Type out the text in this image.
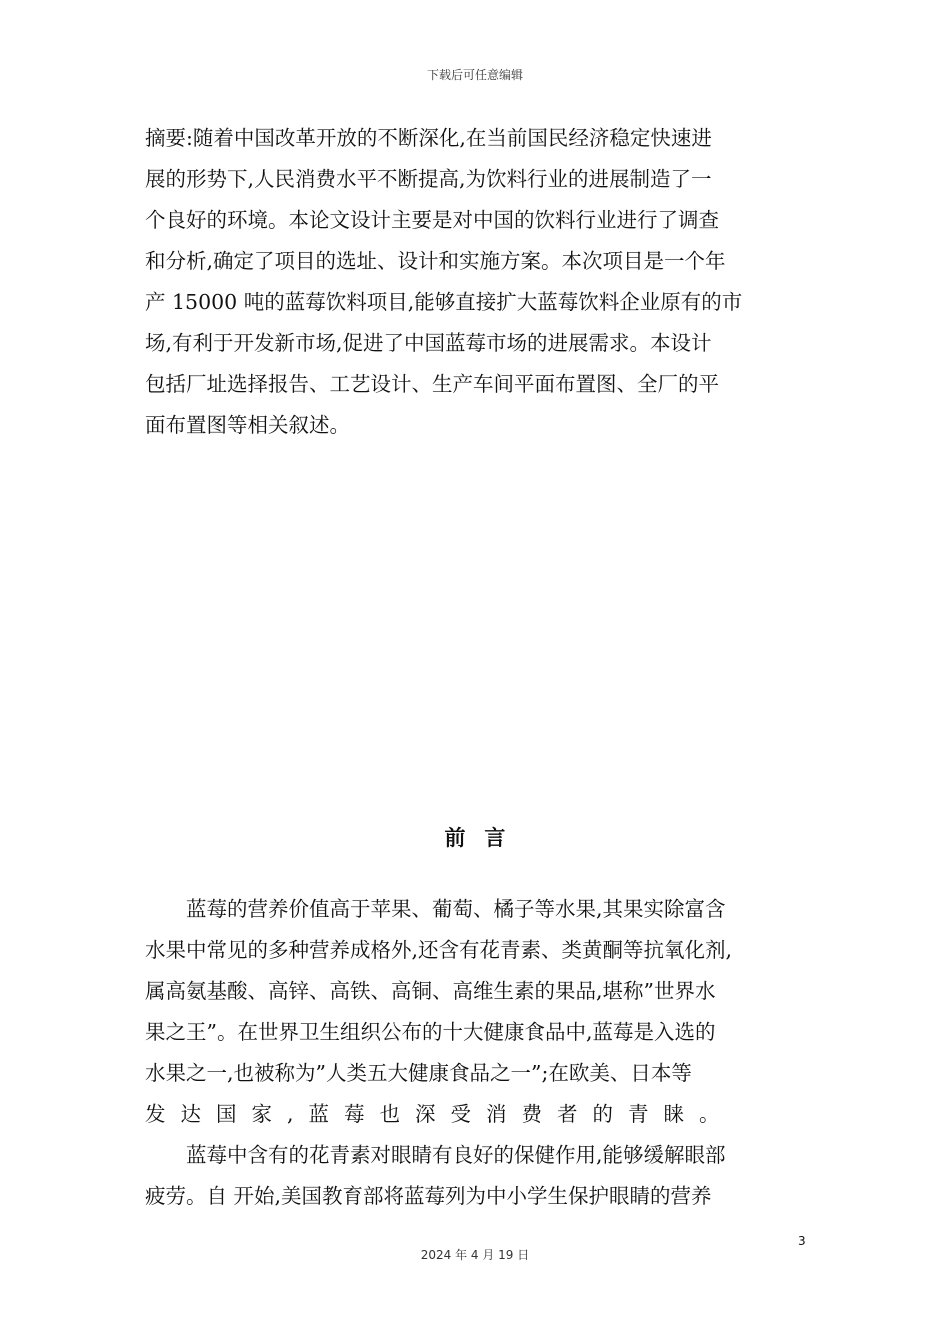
下载后可任意编辑
摘要:随着中国改革开放的不断深化,在当前国民经济稳定快速进
展的形势下,人民消费水平不断提高,为饮料行业的进展制造了一
个良好的环境。本论文设计主要是对中国的饮料行业进行了调查
和分析,确定了项目的选址、设计和实施方案。本次项目是一个年
产 15000 吨的蓝莓饮料项目,能够直接扩大蓝莓饮料企业原有的市
场,有利于开发新市场,促进了中国蓝莓市场的进展需求。本设计
包括厂址选择报告、工艺设计、生产车间平面布置图、全厂的平
面布置图等相关叙述。
前言
蓝莓的营养价值高于苹果、葡萄、橘子等水果,其果实除富含
水果中常见的多种营养成格外,还含有花青素、类黄酮等抗氧化剂,
属高氨基酸、高锌、高铁、高铜、高维生素的果品,堪称”世界水
果之王”。在世界卫生组织公布的十大健康食品中,蓝莓是入选的
水果之一,也被称为”人类五大健康食品之一”;在欧美、日本等
发达国家,蓝莓也深受消费者的青睐。
蓝莓中含有的花青素对眼睛有良好的保健作用,能够缓解眼部
疲劳。自 开始,美国教育部将蓝莓列为中小学生保护眼睛的营养
3
2024 年 4 月 19 日
